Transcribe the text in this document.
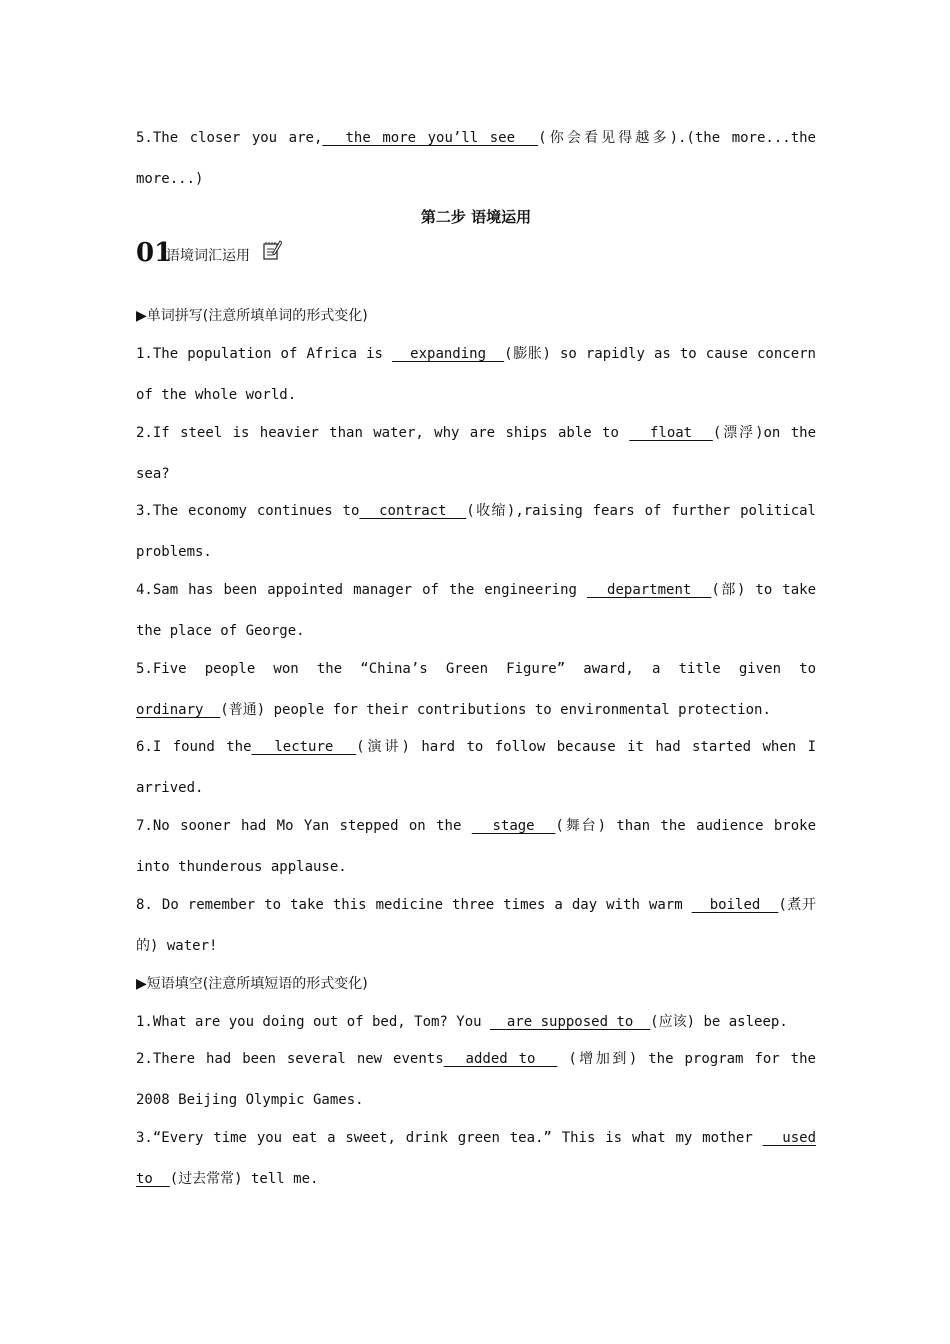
5.The closer you are,  the more you’ll see  (你会看见得越多).(the more...the
more...)
第二步 语境运用
01
语境词汇运用
▶单词拼写(注意所填单词的形式变化)
1.The population of Africa is   expanding  (膨胀) so rapidly as to cause concern
of the whole world.
2.If steel is heavier than water, why are ships able to   float  (漂浮)on the
sea?
3.The economy continues to  contract  (收缩),raising fears of further political
problems.
4.Sam has been appointed manager of the engineering   department  (部) to take
the place of George.
5.Five people won the “China’s Green Figure” award, a title given to
ordinary  (普通) people for their contributions to environmental protection.
6.I found the  lecture  (演讲) hard to follow because it had started when I
arrived.
7.No sooner had Mo Yan stepped on the   stage  (舞台) than the audience broke
into thunderous applause.
8. Do remember to take this medicine three times a day with warm   boiled  (煮开
的) water!
▶短语填空(注意所填短语的形式变化)
1.What are you doing out of bed, Tom? You   are supposed to  (应该) be asleep.
2.There had been several new events  added to   (增加到) the program for the
2008 Beijing Olympic Games.
3.“Every time you eat a sweet, drink green tea.” This is what my mother   used
to  (过去常常) tell me.
